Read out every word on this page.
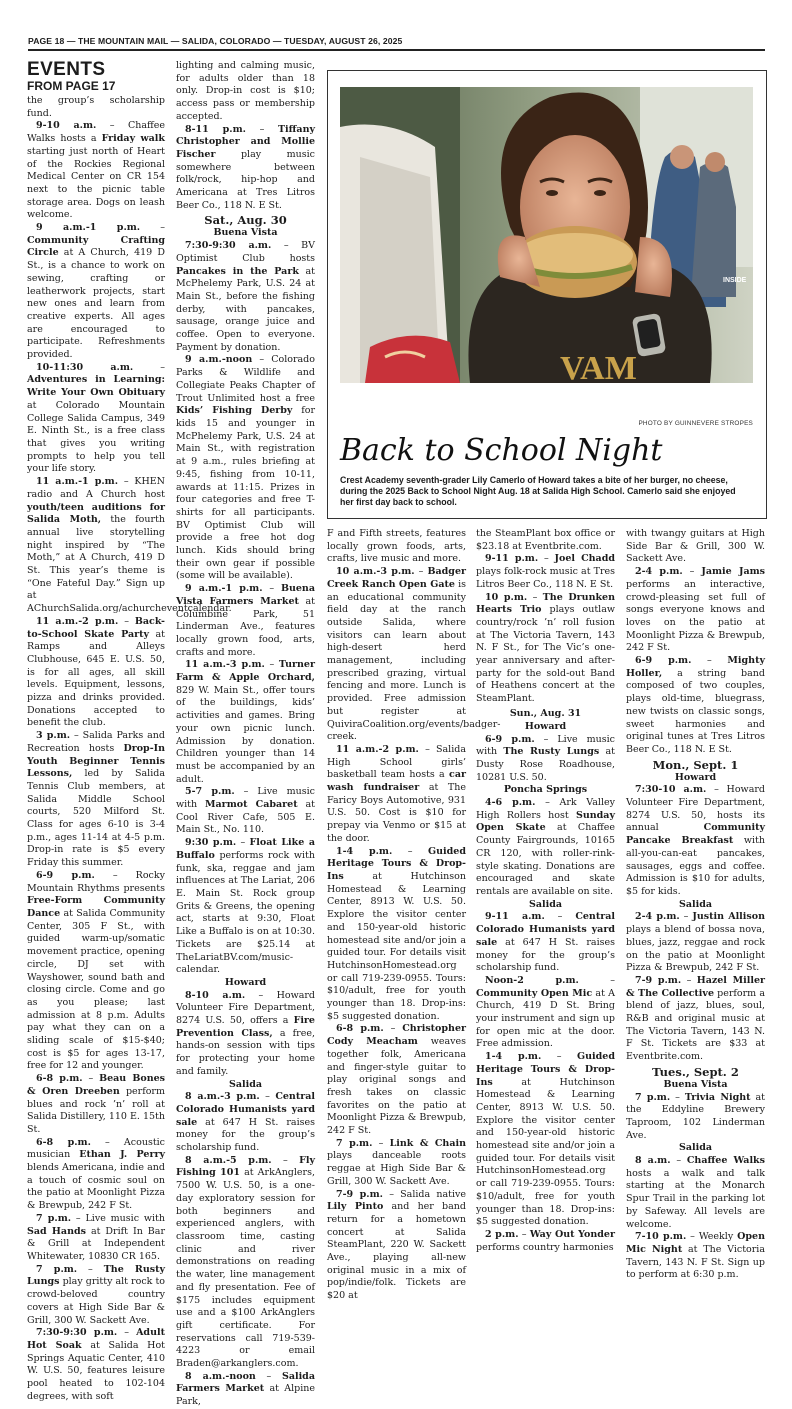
PAGE 18 — THE MOUNTAIN MAIL — SALIDA, COLORADO — TUESDAY, AUGUST 26, 2025
EVENTS
FROM PAGE 17

the group’s scholarship fund.

9-10 a.m. – Chaffee Walks hosts a Friday walk starting just north of Heart of the Rockies Regional Medical Center on CR 154 next to the picnic table storage area. Dogs on leash welcome.

9 a.m.-1 p.m. – Community Crafting Circle at A Church, 419 D St., is a chance to work on sewing, crafting or leatherwork projects, start new ones and learn from creative experts. All ages are encouraged to participate. Refreshments provided.

10-11:30 a.m.	– Adventures in Learning: Write Your Own Obituary at Colorado Mountain College Salida Campus, 349 E. Ninth St., is a free class that gives you writing prompts to help you tell your life story.

11 a.m.-1 p.m. – KHEN radio and A Church host youth/teen auditions for Salida Moth, the fourth annual live storytelling night inspired by “The Moth,” at A Church, 419 D St. This year’s theme is “One Fateful Day.” Sign up at AChurchSalida.org/achurcheventcalendar.

11 a.m.-2 p.m. – Back-to-School Skate Party at Ramps and Alleys Clubhouse, 645 E. U.S. 50, is for all ages, all skill levels. Equipment, lessons, pizza and drinks provided. Donations accepted to benefit the club.

3 p.m. – Salida Parks and Recreation hosts Drop-In Youth Beginner Tennis Lessons, led by Salida Tennis Club members, at Salida Middle School courts, 520 Milford St. Class for ages 6-10 is 3-4 p.m., ages 11-14 at 4-5 p.m. Drop-in rate is $5 every Friday this summer.

6-9 p.m. – Rocky Mountain Rhythms presents Free-Form Community Dance at Salida Community Center, 305 F St., with guided warm-up/somatic movement practice, opening circle, DJ set with Wayshower, sound bath and closing circle. Come and go as you please; last admission at 8 p.m. Adults pay what they can on a sliding scale of $15-$40; cost is $5 for ages 13-17, free for 12 and younger.

6-8 p.m. – Beau Bones & Oren Dreeben perform blues and rock ’n’ roll at Salida Distillery, 110 E. 15th St.

6-8 p.m. – Acoustic musician Ethan J. Perry blends Americana, indie and a touch of cosmic soul on the patio at Moonlight Pizza & Brewpub, 242 F St.

7 p.m. – Live music with Sad Hands at Drift In Bar & Grill at Independent Whitewater, 10830 CR 165.

7 p.m. – The Rusty Lungs play gritty alt rock to crowd-beloved country covers at High Side Bar & Grill, 300 W. Sackett Ave.

7:30-9:30 p.m. – Adult Hot Soak at Salida Hot Springs Aquatic Center, 410 W. U.S. 50, features leisure pool heated to 102-104 degrees, with soft

lighting and calming music, for adults older than 18 only. Drop-in cost is $10; access pass or membership accepted.

8-11 p.m. – Tiffany Christopher and Mollie Fischer	play music somewhere between folk/rock, hip-hop and Americana at Tres Litros Beer Co., 118 N. E St.

Sat., Aug. 30

Buena Vista

7:30-9:30 a.m. – BV Optimist Club hosts Pancakes in the Park at McPhelemy Park, U.S. 24 at Main St., before the fishing derby, with pancakes, sausage, orange juice and coffee. Open to everyone. Payment by donation.

9 a.m.-noon – Colorado Parks & Wildlife and Collegiate Peaks Chapter of Trout Unlimited host a free Kids’ Fishing Derby for kids 15 and younger in McPhelemy Park, U.S. 24 at Main St., with registration at 9 a.m., rules briefing at 9:45, fishing from 10-11, awards at 11:15. Prizes in four categories and free T-shirts for all participants. BV Optimist Club will provide a free hot dog lunch. Kids should bring their own gear if possible (some will be available).

9 a.m.-1 p.m. – Buena Vista Farmers Market at Columbine Park, 51 Linderman Ave., features locally grown food, arts, crafts and more.

11 a.m.-3 p.m. – Turner Farm & Apple Orchard, 829 W. Main St., offer tours of the buildings, kids’ activities and games. Bring your own picnic lunch. Admission by donation. Children younger than 14 must be accompanied by an adult.

5-7 p.m. – Live music with Marmot Cabaret at Cool River Cafe, 505 E. Main St., No. 110.

9:30 p.m. – Float Like a Buffalo performs rock with funk, ska, reggae and jam influences at The Lariat, 206 E. Main St. Rock group Grits & Greens, the opening act, starts at 9:30, Float Like a Buffalo is on at 10:30. Tickets are $25.14 at TheLariatBV.com/music-calendar.

Howard

8-10 a.m. – Howard Volunteer Fire Department, 8274 U.S. 50, offers a Fire Prevention Class, a free, hands-on session with tips for protecting your home and family.

Salida

8 a.m.-3 p.m. – Central Colorado Humanists yard sale at 647 H St. raises money for the group’s scholarship fund.

8 a.m.-5 p.m. – Fly Fishing 101 at ArkAnglers, 7500 W. U.S. 50, is a one-day exploratory session for both beginners and experienced anglers, with classroom time, casting clinic and river demonstrations on reading the water, line management and fly presentation. Fee of $175 includes equipment use and a $100 ArkAnglers gift certificate. For reservations call 719-539-4223 or email Braden@arkanglers.com.

8 a.m.-noon – Salida Farmers Market at Alpine Park,

INSIDE
VAM
PHOTO BY GUINNEVERE STROPES
Back to School Night
Crest Academy seventh-grader Lily Camerlo of Howard takes a bite of her burger, no cheese, during the 2025 Back to School Night Aug. 18 at Salida High School. Camerlo said she enjoyed her first day back to school.

F and Fifth streets, features locally grown foods, arts, crafts, live music and more.

10 a.m.-3 p.m. – Badger Creek Ranch Open Gate is an educational community field day at the ranch outside Salida, where visitors can learn about high-desert herd management, including prescribed grazing, virtual fencing and more. Lunch is provided. Free admission but register at QuiviraCoalition.org/events/badger-creek.

11 a.m.-2 p.m. – Salida High School girls’ basketball team hosts a car wash fundraiser at The Faricy Boys Automotive, 931 U.S. 50. Cost is $10 for prepay via Venmo or $15 at the door.

1-4 p.m. – Guided Heritage Tours & Drop-Ins	at Hutchinson Homestead & Learning Center, 8913 W. U.S. 50. Explore the visitor center and 150-year-old historic homestead site and/or join a guided tour. For details visit HutchinsonHomestead.org or call 719-239-0955. Tours: $10/adult, free for youth younger than 18. Drop-ins: $5 suggested donation.

6-8 p.m. – Christopher Cody Meacham weaves together folk, Americana and finger-style guitar to play original songs and fresh takes on classic favorites on the patio at Moonlight Pizza & Brewpub, 242 F St.

7 p.m. – Link & Chain plays danceable roots reggae at High Side Bar & Grill, 300 W. Sackett Ave.

7-9 p.m. – Salida native Lily Pinto and her band return for a hometown concert at Salida SteamPlant, 220 W. Sackett Ave., playing all-new original music in a mix of pop/indie/folk. Tickets are $20 at

the SteamPlant box office or $23.18 at Eventbrite.com.

9-11 p.m. – Joel Chadd plays folk-rock music at Tres Litros Beer Co., 118 N. E St.

10 p.m. – The Drunken Hearts Trio plays outlaw country/rock ’n’ roll fusion at The Victoria Tavern, 143 N. F St., for The Vic’s one-year anniversary and after-party for the sold-out Band of Heathens concert at the SteamPlant.

Sun., Aug. 31

Howard

6-9 p.m. – Live music with The Rusty Lungs at Dusty Rose Roadhouse, 10281 U.S. 50.

Poncha Springs

4-6 p.m. – Ark Valley High Rollers host Sunday Open Skate at Chaffee County Fairgrounds, 10165 CR 120, with roller-rink-style skating. Donations are encouraged and skate rentals are available on site.

Salida

9-11 a.m. – Central Colorado Humanists yard sale at 647 H St. raises money for the group’s scholarship fund.

Noon-2 p.m.	– Community Open Mic at A Church, 419 D St. Bring your instrument and sign up for open mic at the door. Free admission.

1-4 p.m. – Guided Heritage Tours & Drop-Ins	at Hutchinson Homestead & Learning Center, 8913 W. U.S. 50. Explore the visitor center and 150-year-old historic homestead site and/or join a guided tour. For details visit HutchinsonHomestead.org or call 719-239-0955. Tours: $10/adult, free for youth younger than 18. Drop-ins: $5 suggested donation.

2 p.m. – Way Out Yonder performs country harmonies

with twangy guitars at High Side Bar & Grill, 300 W. Sackett Ave.

2-4 p.m. – Jamie Jams performs an interactive, crowd-pleasing set full of songs everyone knows and loves on the patio at Moonlight Pizza & Brewpub, 242 F St.

6-9 p.m. – Mighty Holler, a string band composed of two couples, plays old-time, bluegrass, new twists on classic songs, sweet harmonies and original tunes at Tres Litros Beer Co., 118 N. E St.

Mon., Sept. 1

Howard

7:30-10 a.m. – Howard Volunteer Fire Department, 8274 U.S. 50, hosts its annual	Community Pancake Breakfast with all-you-can-eat pancakes, sausages, eggs and coffee. Admission is $10 for adults, $5 for kids.

Salida

2-4 p.m. – Justin Allison plays a blend of bossa nova, blues, jazz, reggae and rock on the patio at Moonlight Pizza & Brewpub, 242 F St.

7-9 p.m. – Hazel Miller & The Collective perform a blend of jazz, blues, soul, R&B and original music at The Victoria Tavern, 143 N. F St. Tickets are $33 at Eventbrite.com.

Tues., Sept. 2

Buena Vista

7 p.m. – Trivia Night at the Eddyline Brewery Taproom, 102 Linderman Ave.

Salida

8 a.m. – Chaffee Walks hosts a walk and talk starting at the Monarch Spur Trail in the parking lot by Safeway. All levels are welcome.

7-10 p.m. – Weekly Open Mic Night at The Victoria Tavern, 143 N. F St. Sign up to perform at 6:30 p.m.
